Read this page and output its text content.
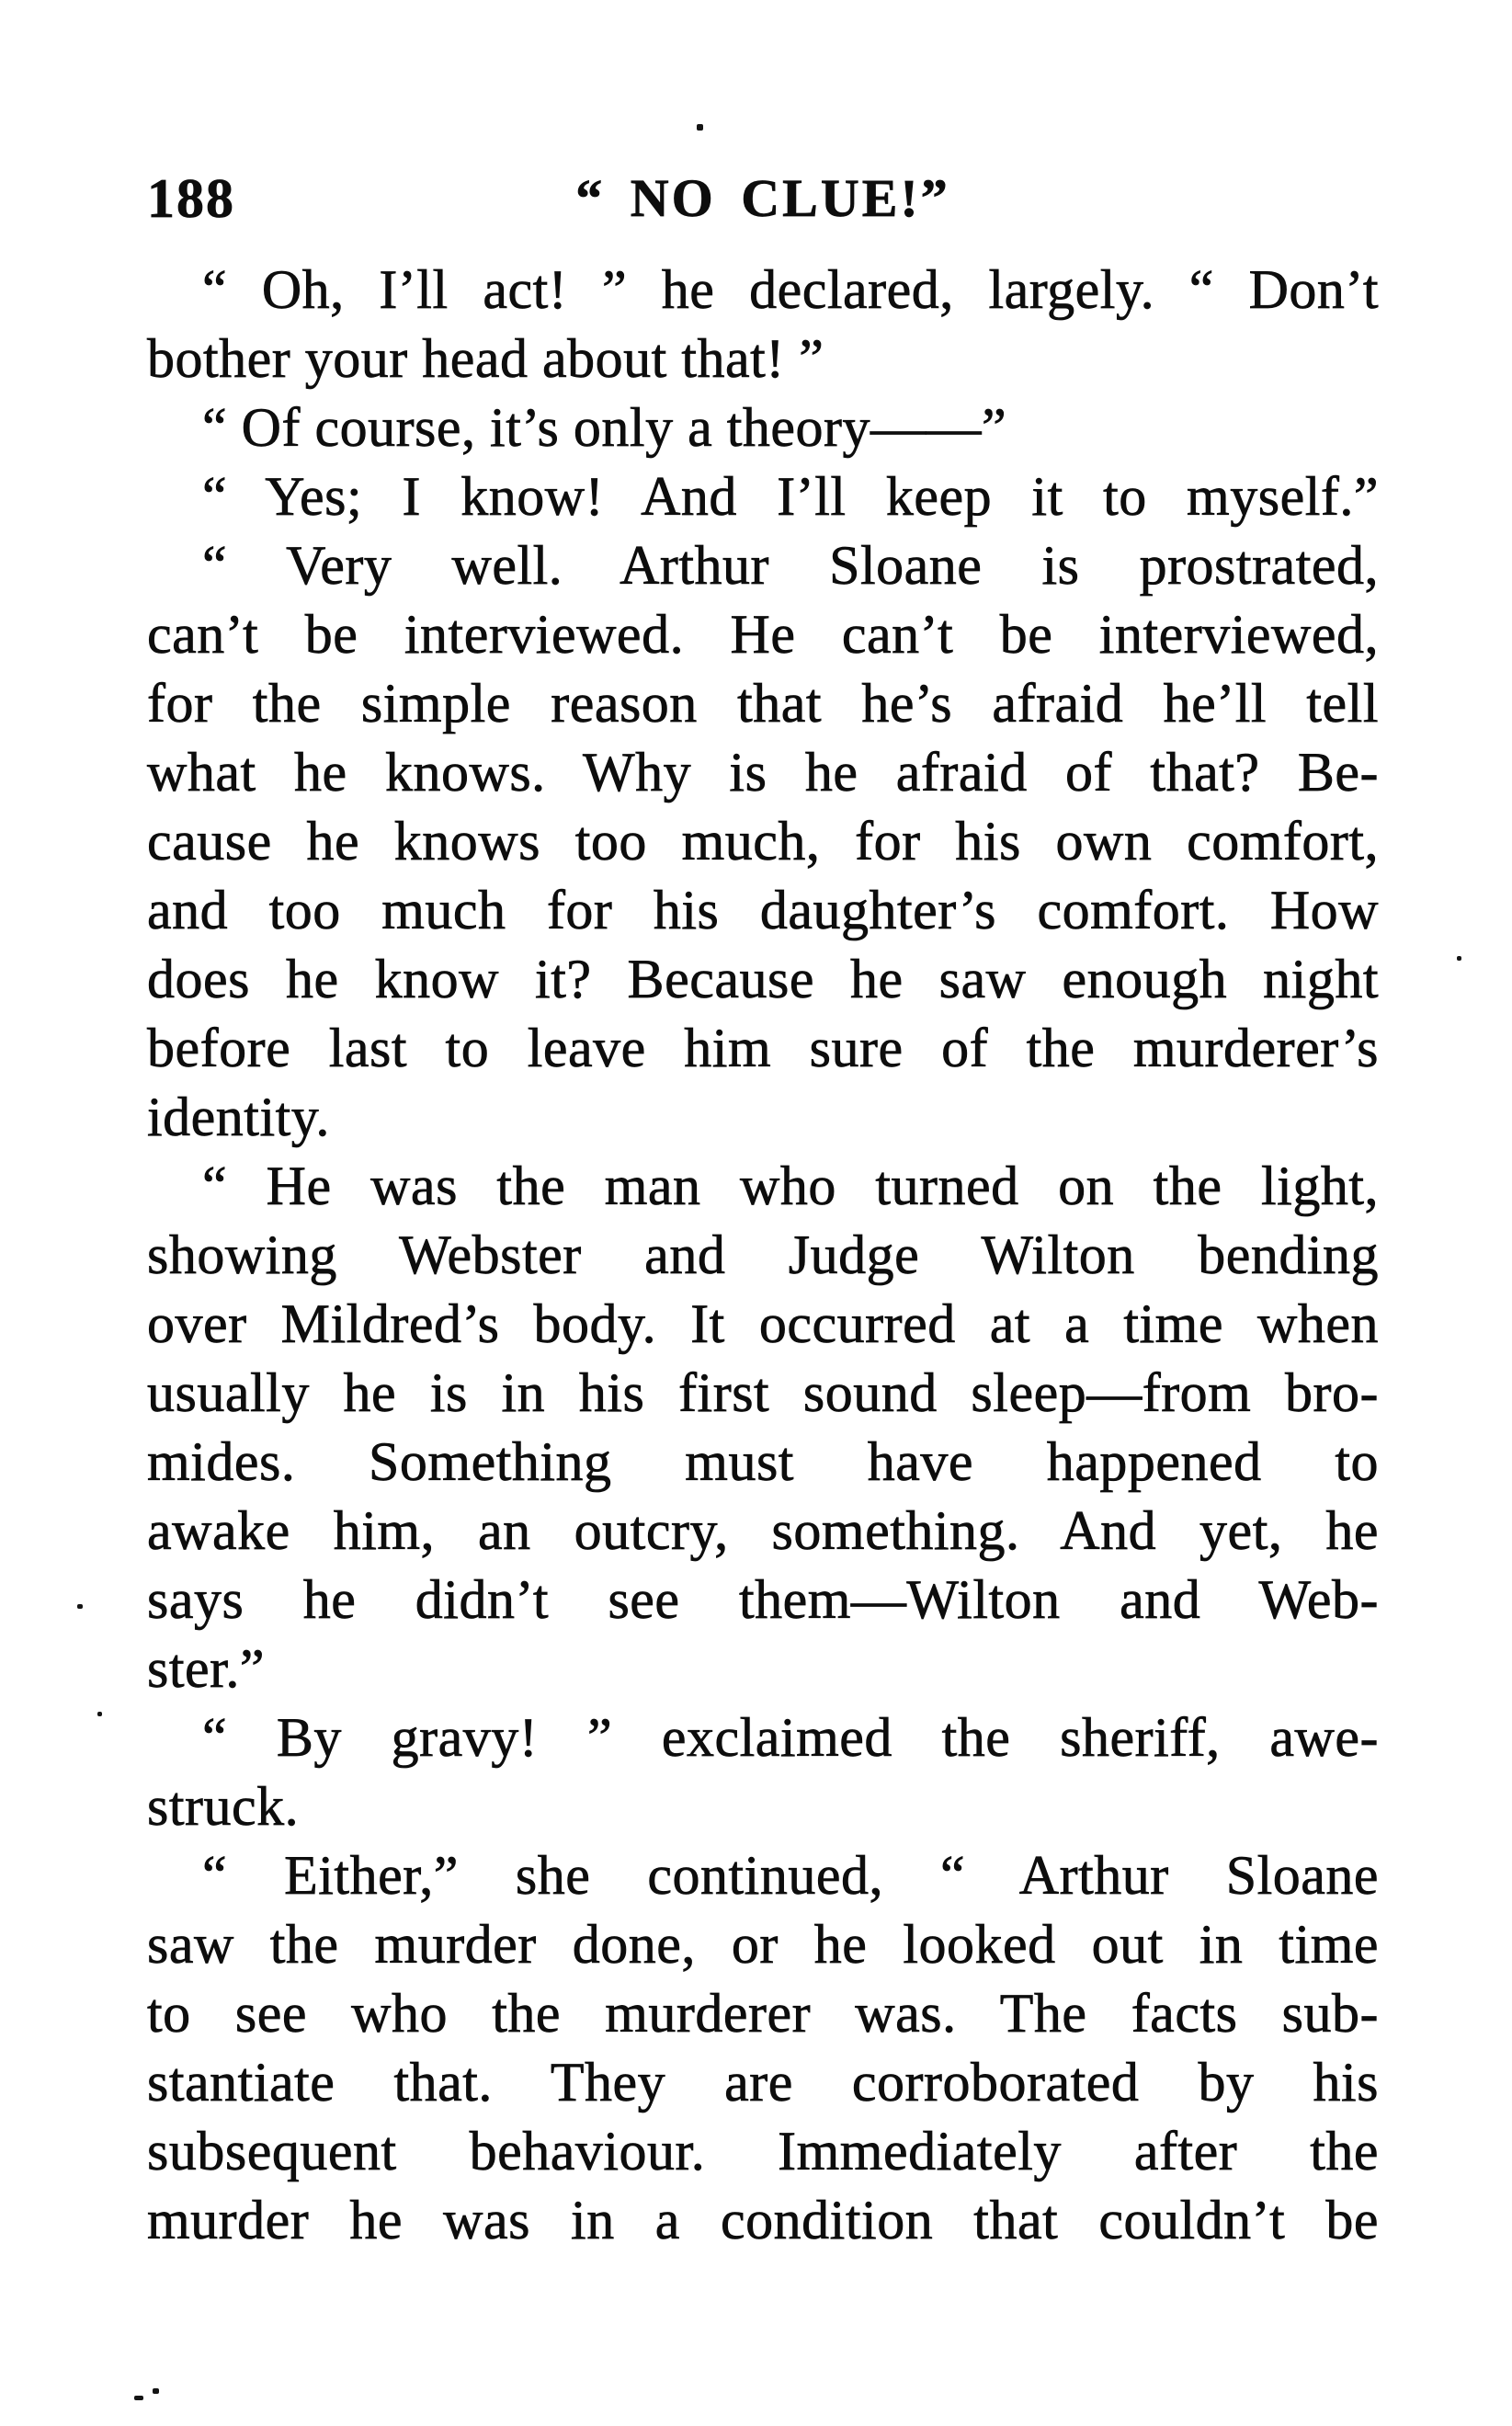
188	“ NO CLUE!”
“ Oh, I’ll act! ” he declared, largely. “ Don’t
bother your head about that! ”
“ Of course, it’s only a theory——”
“ Yes; I know! And I’ll keep it to myself.”
“ Very well. Arthur Sloane is prostrated,
can’t be interviewed. He can’t be interviewed,
for the simple reason that he’s afraid he’ll tell
what he knows. Why is he afraid of that? Be-
cause he knows too much, for his own comfort,
and too much for his daughter’s comfort. How
does he know it? Because he saw enough night
before last to leave him sure of the murderer’s
identity.
“ He was the man who turned on the light,
showing Webster and Judge Wilton bending
over Mildred’s body. It occurred at a time when
usually he is in his first sound sleep—from bro-
mides. Something must have happened to
awake him, an outcry, something. And yet, he
says he didn’t see them—Wilton and Web-
ster.”
“ By gravy! ” exclaimed the sheriff, awe-
struck.
“ Either,” she continued, “ Arthur Sloane
saw the murder done, or he looked out in time
to see who the murderer was. The facts sub-
stantiate that. They are corroborated by his
subsequent behaviour. Immediately after the
murder he was in a condition that couldn’t be
